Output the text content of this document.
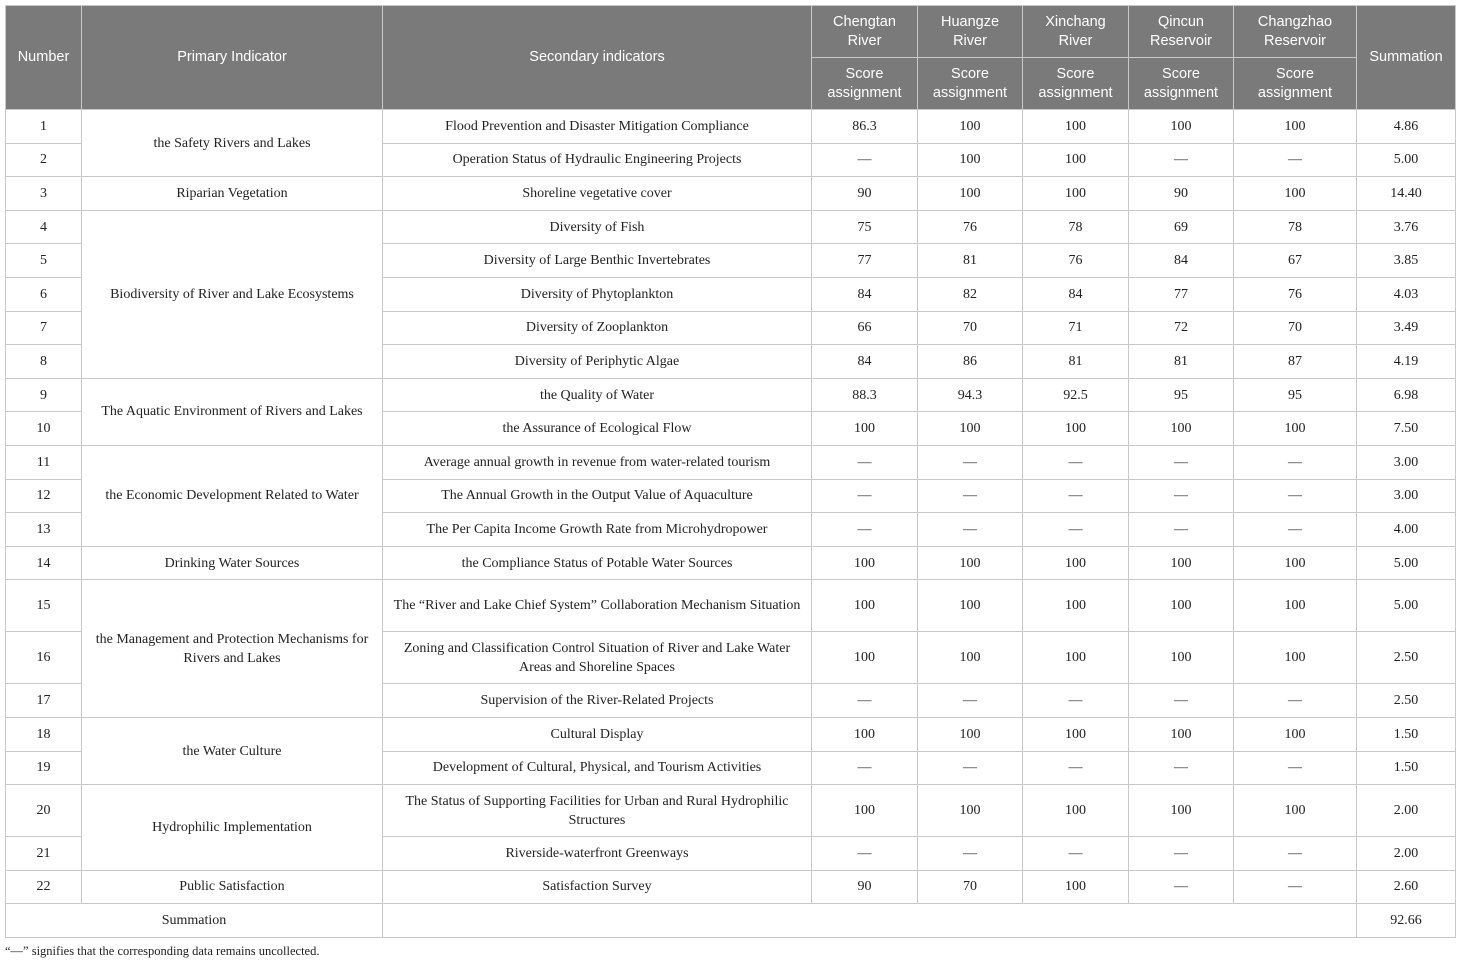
Number	Primary Indicator	Secondary indicators	Chengtan River	Huangze River	Xinchang River	Qincun Reservoir	Changzhao Reservoir	Summation
			Score assignment	Score assignment	Score assignment	Score assignment	Score assignment	
1	the Safety Rivers and Lakes	Flood Prevention and Disaster Mitigation Compliance	86.3	100	100	100	100	4.86
2		Operation Status of Hydraulic Engineering Projects	—	100	100	—	—	5.00
3	Riparian Vegetation	Shoreline vegetative cover	90	100	100	90	100	14.40
4	Biodiversity of River and Lake Ecosystems	Diversity of Fish	75	76	78	69	78	3.76
5		Diversity of Large Benthic Invertebrates	77	81	76	84	67	3.85
6		Diversity of Phytoplankton	84	82	84	77	76	4.03
7		Diversity of Zooplankton	66	70	71	72	70	3.49
8		Diversity of Periphytic Algae	84	86	81	81	87	4.19
9	The Aquatic Environment of Rivers and Lakes	the Quality of Water	88.3	94.3	92.5	95	95	6.98
10		the Assurance of Ecological Flow	100	100	100	100	100	7.50
11	the Economic Development Related to Water	Average annual growth in revenue from water-related tourism	—	—	—	—	—	3.00
12		The Annual Growth in the Output Value of Aquaculture	—	—	—	—	—	3.00
13		The Per Capita Income Growth Rate from Microhydropower	—	—	—	—	—	4.00
14	Drinking Water Sources	the Compliance Status of Potable Water Sources	100	100	100	100	100	5.00
15	the Management and Protection Mechanisms for Rivers and Lakes	The “River and Lake Chief System” Collaboration Mechanism Situation	100	100	100	100	100	5.00
16		Zoning and Classification Control Situation of River and Lake Water Areas and Shoreline Spaces	100	100	100	100	100	2.50
17		Supervision of the River-Related Projects	—	—	—	—	—	2.50
18	the Water Culture	Cultural Display	100	100	100	100	100	1.50
19		Development of Cultural, Physical, and Tourism Activities	—	—	—	—	—	1.50
20	Hydrophilic Implementation	The Status of Supporting Facilities for Urban and Rural Hydrophilic Structures	100	100	100	100	100	2.00
21		Riverside-waterfront Greenways	—	—	—	—	—	2.00
22	Public Satisfaction	Satisfaction Survey	90	70	100	—	—	2.60
Summation								92.66
“—” signifies that the corresponding data remains uncollected.
